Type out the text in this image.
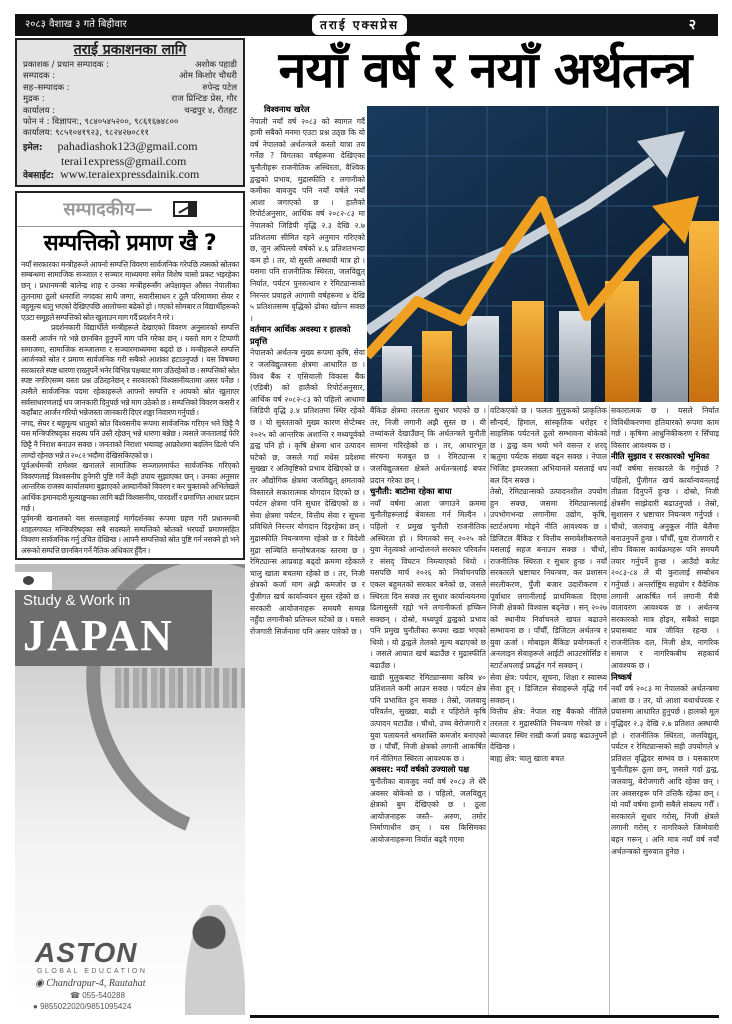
२०८३ वैशाख ३ गते बिहीवार	तराई एक्सप्रेस	२
तराई प्रकाशनका लागि
प्रकाशक / प्रधान सम्पादक :	अशोक पहाडी
सम्पादक :	ओम किशोर चौधरी
सह–सम्पादक :	रुपेन्द्र पटेल
मुद्रक :	राज प्रिन्टिङ प्रेस, गौर
कार्यालय :	चन्द्रपुर ४, रौतहट
फोन नं : विज्ञापन:, ९८४०५४५२००, ९८६१६७४८००
कार्यालय: ९८५१०४१९२३, ९८२४२७०८११
इमेल: pahadiashok123@gmail.com
terai1express@gmail.com
वेबसाईट: www.teraiexpressdainik.com
सम्पादकीय—
सम्पत्तिको प्रमाण खै ?

नयाँ सरकारका मन्त्रीहरूले आफ्नो सम्पत्ति विवरण सार्वजनिक गरेपछि त्यसको स्रोतका सम्बन्धमा सामाजिक सञ्जाल र सञ्चार माध्यममा समेत विशेष चासो प्रकट भइरहेका छन् । प्रधानमन्त्री बालेन्द्र शाह र उनका मन्त्रीहरूसँग अपेक्षाकृत औसत नेपालीका तुलनामा ठूलो धनराशि नगदका साथै जग्गा, सवारीसाधन र ठूलै परिमाणमा सेयर र बहुमूल्य धातु भएको देखिएपछि आलोचना बढेको हो । गएको सोमबार त विद्यार्थीहरूको एउटा समूहले सम्पत्तिको स्रोत खुलाउन माग गर्दै प्रदर्शन नै गरे ।

प्रदर्शनकारी विद्यार्थीले मन्त्रीहरूले देखाएको विवरण अनुसारको सम्पत्ति कसरी आर्जन गरे भन्ने छानबिन हुनुपर्ने माग पनि गरेका छन् । यस्तो माग र टिप्पणी समाजमा, सामाजिक सञ्जालमा र सञ्चारमाध्यममा बढ्दो छ । मन्त्रीहरूले सम्पत्ति आर्जनको स्रोत र प्रमाण सार्वजनिक गरी सबैको आशंका हटाउनुपर्छ । यस विषयमा सरकारले स्पष्ट धारणा राख्नुपर्ने भनेर विभिन्न पक्षबाट माग उठिरहेको छ । सम्पत्तिको स्रोत स्पष्ट नगरिएसम्म यस्ता प्रश्न उठिरहनेछन् र सरकारको विश्वसनीयतामा असर पर्नेछ । त्यसैले सार्वजनिक पदमा रहेकाहरूले आफ्नो सम्पत्ति र आयको स्रोत खुलाएर सर्वसाधारणलाई थप जानकारी दिनुपर्छ भन्ने माग उठेको छ । सम्पत्तिको विवरण कसरी र कहाँबाट आर्जन गरियो भन्नेजस्ता जानकारी दिएर शङ्का निवारण गर्नुपर्छ ।

नगद, सेयर र बहुमूल्य धातुको स्रोत विश्वसनीय रूपमा सार्वजनिक गरिएन भने छिट्टै नै यस मन्त्रिपरिषद्का सदस्य पनि उस्तै रहेछन् भन्ने धारणा बन्नेछ । त्यसले जनतालाई फेरि छिट्टै नै निराश बनाउन सक्छ । जनताको निराशा भयावह आक्रोशमा बदलिन ढिलो पनि लाग्दो रहेनछ भन्ने त २०८२ भदौमा देखिसकिएको छ ।

पूर्वअर्थमन्त्री रामेश्वर खनालले सामाजिक सञ्जालमार्फत सार्वजनिक गरिएको विवरणलाई विश्वसनीय हुनेगरी पुष्टि गर्ने केही उपाय सुझाएका छन् । उनका अनुसार आन्तरिक राजस्व कार्यालयमा बुझाएको आम्दानीको विवरण र कर चुक्ताको अभिलेखले आर्थिक इमानदारी मूल्याङ्कनका लागि बढी विश्वसनीय, पारदर्शी र प्रमाणित आधार प्रदान गर्छ ।

पूर्वमन्त्री खनालको यस सल्लाहलाई मार्गदर्शनका रूपमा ग्रहण गरी प्रधानमन्त्री शाहलगायत मन्त्रिपरिषद्का सबै सदस्यले सम्पत्तिको स्रोतको भरपर्दो प्रमाणसहित विवरण सार्वजनिक गर्नु उचित देखिन्छ । आफ्नै सम्पत्तिको स्रोत पुष्टि गर्न नसक्ने हो भने अरूको सम्पत्ति छानबिन गर्ने नैतिक अधिकार हुँदैन ।

Study & Work in
JAPAN
ASTON
GLOBAL EDUCATION
◉ Chandrapur-4, Rautahat
☎ 055-540288
● 9855022020/9851095424
नयाँ वर्ष र नयाँ अर्थतन्त्र
विश्वनाथ खरेल

नेपाली नयाँ वर्ष २०८३ को स्वागत गर्दै हामी सबैको मनमा एउटा प्रश्न उठ्छ कि यो वर्ष नेपालको अर्थतन्त्रले कस्तो यात्रा तय गर्नेछ ? विगतका वर्षहरूमा देखिएका चुनौतीहरू राजनीतिक अस्थिरता, वैश्विक द्वन्द्वको प्रभाव, मुद्रास्फीति र लगानीको कमीका बावजुद पनि नयाँ वर्षले नयाँ आशा जगाएको छ । हालैको रिपोर्टअनुसार, आर्थिक वर्ष २०८२-८३ मा नेपालको जिडिपी वृद्धि २.३ देखि २.७ प्रतिशतमा सीमित रहने अनुमान गरिएको छ, जुन अघिल्लो वर्षको ४.६ प्रतिशतभन्दा कम हो । तर, यो सुस्ती अस्थायी मात्र हो । यसमा पनि राजनीतिक स्थिरता, जलविद्युत् निर्यात, पर्यटन पुनरुत्थान र रेमिट्यान्सको निरन्तर प्रवाहले आगामी वर्षहरूमा ४ देखि ५ प्रतिशतसम्म वृद्धिको ढोका खोल्न सक्छ ।

वर्तमान आर्थिक अवस्था र हालको प्रवृत्ति

नेपालको अर्थतन्त्र मुख्य रूपमा कृषि, सेवा र जलविद्युत्जस्ता क्षेत्रमा आधारित छ । विश्व बैंक र एसियाली विकास बैंक (एडिबी) को हालैको रिपोर्टअनुसार, आर्थिक वर्ष २०८२-८३ को पहिलो आधामा जिडिपी वृद्धि ३.४ प्रतिशतमा स्थिर रहेको छ । यो सुस्तताको मुख्य कारण सेप्टेम्बर २०२५ को आन्तरिक अशान्ति र मध्यपूर्वको द्वन्द्व पनि हो । कृषि क्षेत्रमा धान उत्पादन घटेको छ, जसले गर्दा मधेस प्रदेशमा सुख्खा र अतिवृष्टिको प्रभाव देखिएको छ । तर औद्योगिक क्षेत्रमा जलविद्युत् क्षमताको विस्तारले सकारात्मक योगदान दिएको छ । पर्यटन क्षेत्रमा पनि सुधार देखिएको छ । सेवा क्षेत्रमा पर्यटन, वित्तीय सेवा र सूचना प्रविधिले निरन्तर योगदान दिइरहेका छन् । मुद्रास्फीति नियन्त्रणमा रहेको छ र विदेशी मुद्रा सञ्चिति सन्तोषजनक स्तरमा छ । रेमिट्यान्स आप्रवाह बढ्दो क्रममा रहेकाले चालु खाता बचतमा रहेको छ । तर, निजी क्षेत्रको कर्जा माग अझै कमजोर छ र पुँजीगत खर्च कार्यान्वयन सुस्त रहेको छ । सरकारी आयोजनाहरू समयमै सम्पन्न नहुँदा लगानीको प्रतिफल घटेको छ । यसले रोजगारी सिर्जनामा पनि असर पारेको छ ।

बैंकिङ क्षेत्रमा तरलता सुधार भएको छ । तर, निजी लगानी अझै सुस्त छ । यी तथ्यांकले देखाउँछन् कि अर्थतन्त्रले चुनौती सामना गरिरहेको छ । तर, आधारभूत संरचना मजबुत छ । रेमिट्यान्स र जलविद्युत्जस्ता क्षेत्रले अर्थतन्त्रलाई बफर प्रदान गरेका छन् ।

चुनौती: बाटोमा रहेका बाधा

नयाँ वर्षमा आशा जगाउने क्रममा चुनौतीहरूलाई बेवास्ता गर्न मिल्दैन । पहिलो र प्रमुख चुनौती राजनीतिक अस्थिरता हो । विगतको सन् २०२५ को युवा नेतृत्वको आन्दोलनले सरकार परिवर्तन र संसद् विघटन निम्त्याएको थियो । यसपछि मार्च २०२६ को निर्वाचनपछि एकल बहुमतको सरकार बनेको छ, जसले स्थिरता दिन सक्छ तर सुधार कार्यान्वयनमा ढिलासुस्ती रह्यो भने लगानीकर्ता हच्किन सक्छन् । दोस्रो, मध्यपूर्व द्वन्द्वको प्रभाव पनि प्रमुख चुनौतीका रूपमा खडा भएको थियो । यो द्वन्द्वले तेलको मूल्य बढाएको छ । जसले आयात खर्च बढाउँछ र मुद्रास्फीति बढाउँछ ।

खाडी मुलुकबाट रेमिट्यान्समा करिब ४० प्रतिशतले कमी आउन सक्छ । पर्यटन क्षेत्र पनि प्रभावित हुन सक्छ । तेस्रो, जलवायु परिवर्तन, सुख्खा, बाढी र पहिरोले कृषि उत्पादन घटाउँछ । चौथो, उच्च बेरोजगारी र युवा पलायनले श्रमशक्ति कमजोर बनाएको छ । पाँचौँ, निजी क्षेत्रको लगानी आकर्षित गर्न नीतिगत स्थिरता आवश्यक छ ।

अवसर: नयाँ वर्षको उज्यालो पक्ष

चुनौतीका बावजुद नयाँ वर्ष २०८३ ले धेरै अवसर बोकेको छ । पहिलो, जलविद्युत् क्षेत्रको बुम देखिएको छ । ठूला आयोजनाहरू जस्तै– अरुण, तमोर निर्माणाधीन छन् । यस किसिमका आयोजनाहरूमा निर्यात बढ्दै गएमा

वटिकएको छ । फलतः मुलुकको प्राकृतिक सौन्दर्य, हिमाल, सांस्कृतिक धरोहर र साहसिक पर्यटनले ठूलो सम्भावना बोकेको छ । द्वन्द्व कम भयो भने वसन्त र शरद् ऋतुमा पर्यटक संख्या बढ्न सक्छ । नेपाल भिजिट इयरजस्ता अभियानले यसलाई थप बल दिन सक्छ ।

तेस्रो, रेमिट्यान्सको उत्पादनशील उपयोग हुन सक्छ, जसमा रेमिट्यान्सलाई उपभोगभन्दा लगानीमा उद्योग, कृषि, स्टार्टअपमा मोड्ने नीति आवश्यक छ । डिजिटल बैंकिङ र वित्तीय समावेशीकरणले यसलाई सहज बनाउन सक्छ । चौथो, राजनीतिक स्थिरता र सुधार हुन्छ । नयाँ सरकारले भ्रष्टाचार नियन्त्रण, कर प्रशासन सरलीकरण, पुँजी बजार उदारीकरण र पूर्वाधार लगानीलाई प्राथमिकता दिएमा निजी क्षेत्रको विश्वास बढ्नेछ । सन् २०२७ को स्थानीय निर्वाचनले खपत बढाउने सम्भावना छ । पाँचौँ, डिजिटल अर्थतन्त्र र युवा ऊर्जा । मोबाइल बैंकिङ प्रयोगकर्ता र अनलाइन सेवाहरूले आईटी आउटसोर्सिङ र स्टार्टअपलाई प्रवर्द्धन गर्न सक्छन् ।

सेवा क्षेत्र: पर्यटन, सूचना, शिक्षा र स्वास्थ्य सेवा हुन् । डिजिटल सेवाहरूले वृद्धि गर्न सक्छन् ।

वित्तीय क्षेत्र: नेपाल राष्ट्र बैंकको नीतिले तरलता र मुद्रास्फीति नियन्त्रण गरेको छ । ब्याजदर स्थिर राखी कर्जा प्रवाह बढाउनुपर्ने देखिन्छ ।

बाह्य क्षेत्र: चालु खाता बचत

सकारात्मक छ । यसले निर्यात विविधीकरणमा हतियारको रूपमा काम गर्छ । कृषिमा आधुनिकीकरण र सिँचाइ विस्तार आवश्यक छ ।

नीति सुझाव र सरकारको भूमिका

नयाँ वर्षमा सरकारले के गर्नुपर्छ ? पहिलो, पुँजीगत खर्च कार्यान्वयनलाई तीव्रता दिनुपर्ने हुन्छ । दोस्रो, निजी क्षेत्रसँग साझेदारी बढाउनुपर्छ । तेस्रो, सुशासन र भ्रष्टाचार नियन्त्रण गर्नुपर्छ । चौथो, जलवायु अनुकूल नीति बेलैमा बनाउनुपर्ने हुन्छ । पाँचौँ, युवा रोजगारी र सीप विकास कार्यक्रमहरू पनि समयमै तयार गर्नुपर्ने हुन्छ । आउँदो बजेट २०८३-८४ ले यी कुरालाई सम्बोधन गर्नुपर्छ । अन्तर्राष्ट्रिय सहयोग र वैदेशिक लगानी आकर्षित गर्न लगानी मैत्री वातावरण आवश्यक छ । अर्थतन्त्र सरकारको मात्र होइन, सबैको साझा प्रयासबाट मात्र जीवित रहन्छ । राजनीतिक दल, निजी क्षेत्र, नागरिक समाज र नागरिकबीच सहकार्य आवश्यक छ ।

निष्कर्ष

नयाँ वर्ष २०८३ मा नेपालको अर्थतन्त्रमा आशा छ । तर, यो आशा यथार्थपरक र प्रयासमा आधारित हुनुपर्छ । हालको मूल वृद्धिदर २.३ देखि २.७ प्रतिशत अस्थायी हो । राजनीतिक स्थिरता, जलविद्युत्, पर्यटन र रेमिट्यान्सको सही उपयोगले ४ प्रतिशत वृद्धिदर सम्भव छ । यसकारण चुनौतीहरू ठूला छन्, जसले गर्दा द्वन्द्व, जलवायु, बेरोजगारी आदि रहेका छन् । तर अवसरहरू पनि उत्तिकै रहेका छन् । यो नयाँ वर्षमा हामी सबैले संकल्प गरौँ । सरकारले सुधार गरोस्, निजी क्षेत्रले लगानी गरोस् र नागरिकले जिम्मेवारी बहन गरून् । अनि मात्र नयाँ वर्ष नयाँ अर्थतन्त्रको सुरुवात हुनेछ ।
